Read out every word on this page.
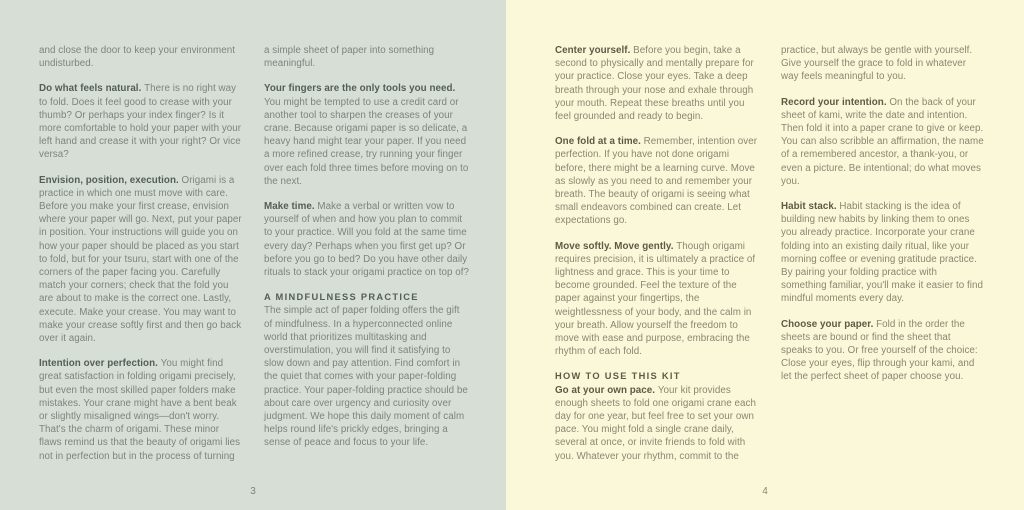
and close the door to keep your environment undisturbed.
Do what feels natural. There is no right way to fold. Does it feel good to crease with your thumb? Or perhaps your index finger? Is it more comfortable to hold your paper with your left hand and crease it with your right? Or vice versa?
Envision, position, execution. Origami is a practice in which one must move with care. Before you make your first crease, envision where your paper will go. Next, put your paper in position. Your instructions will guide you on how your paper should be placed as you start to fold, but for your tsuru, start with one of the corners of the paper facing you. Carefully match your corners; check that the fold you are about to make is the correct one. Lastly, execute. Make your crease. You may want to make your crease softly first and then go back over it again.
Intention over perfection. You might find great satisfaction in folding origami precisely, but even the most skilled paper folders make mistakes. Your crane might have a bent beak or slightly misaligned wings—don't worry. That's the charm of origami. These minor flaws remind us that the beauty of origami lies not in perfection but in the process of turning
a simple sheet of paper into something meaningful.
Your fingers are the only tools you need. You might be tempted to use a credit card or another tool to sharpen the creases of your crane. Because origami paper is so delicate, a heavy hand might tear your paper. If you need a more refined crease, try running your finger over each fold three times before moving on to the next.
Make time. Make a verbal or written vow to yourself of when and how you plan to commit to your practice. Will you fold at the same time every day? Perhaps when you first get up? Or before you go to bed? Do you have other daily rituals to stack your origami practice on top of?
A MINDFULNESS PRACTICE
The simple act of paper folding offers the gift of mindfulness. In a hyperconnected online world that prioritizes multitasking and overstimulation, you will find it satisfying to slow down and pay attention. Find comfort in the quiet that comes with your paper-folding practice. Your paper-folding practice should be about care over urgency and curiosity over judgment. We hope this daily moment of calm helps round life's prickly edges, bringing a sense of peace and focus to your life.
3
Center yourself. Before you begin, take a second to physically and mentally prepare for your practice. Close your eyes. Take a deep breath through your nose and exhale through your mouth. Repeat these breaths until you feel grounded and ready to begin.
One fold at a time. Remember, intention over perfection. If you have not done origami before, there might be a learning curve. Move as slowly as you need to and remember your breath. The beauty of origami is seeing what small endeavors combined can create. Let expectations go.
Move softly. Move gently. Though origami requires precision, it is ultimately a practice of lightness and grace. This is your time to become grounded. Feel the texture of the paper against your fingertips, the weightlessness of your body, and the calm in your breath. Allow yourself the freedom to move with ease and purpose, embracing the rhythm of each fold.
HOW TO USE THIS KIT
Go at your own pace. Your kit provides enough sheets to fold one origami crane each day for one year, but feel free to set your own pace. You might fold a single crane daily, several at once, or invite friends to fold with you. Whatever your rhythm, commit to the
practice, but always be gentle with yourself. Give yourself the grace to fold in whatever way feels meaningful to you.
Record your intention. On the back of your sheet of kami, write the date and intention. Then fold it into a paper crane to give or keep. You can also scribble an affirmation, the name of a remembered ancestor, a thank-you, or even a picture. Be intentional; do what moves you.
Habit stack. Habit stacking is the idea of building new habits by linking them to ones you already practice. Incorporate your crane folding into an existing daily ritual, like your morning coffee or evening gratitude practice. By pairing your folding practice with something familiar, you'll make it easier to find mindful moments every day.
Choose your paper. Fold in the order the sheets are bound or find the sheet that speaks to you. Or free yourself of the choice: Close your eyes, flip through your kami, and let the perfect sheet of paper choose you.
4
